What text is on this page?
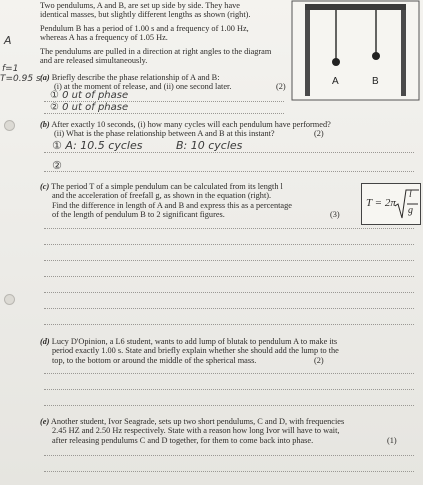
Two pendulums, A and B, are set up side by side. They have
identical masses, but slightly different lengths as shown (right).
Pendulum B has a period of 1.00 s and a frequency of 1.00 Hz,
whereas A has a frequency of 1.05 Hz.
The pendulums are pulled in a direction at right angles to the diagram
and are released simultaneously.
A
f=1
T=0.95 s	A	B
(a) Briefly describe the phase relationship of A and B:
(i) at the moment of release, and (ii) one second later.	(2)
① 0 ut of phase
② 0 ut of phase
(b) After exactly 10 seconds, (i) how many cycles will each pendulum have performed?
(ii) What is the phase relationship between A and B at this instant?	(2)
① A: 10.5 cycles	B: 10 cycles
②
(c) The period T of a simple pendulum can be calculated from its length l
and the acceleration of freefall g, as shown in the equation (right).
Find the difference in length of A and B and express this as a percentage
of the length of pendulum B to 2 significant figures.	(3)
T = 2π
l
g
(d) Lucy D'Opinion, a L6 student, wants to add lump of blutak to pendulum A to make its
period exactly 1.00 s. State and briefly explain whether she should add the lump to the
top, to the bottom or around the middle of the spherical mass.	(2)
(e) Another student, Ivor Seagrade, sets up two short pendulums, C and D, with frequencies
2.45 HZ and 2.50 Hz respectively. State with a reason how long Ivor will have to wait,
after releasing pendulums C and D together, for them to come back into phase.	(1)
